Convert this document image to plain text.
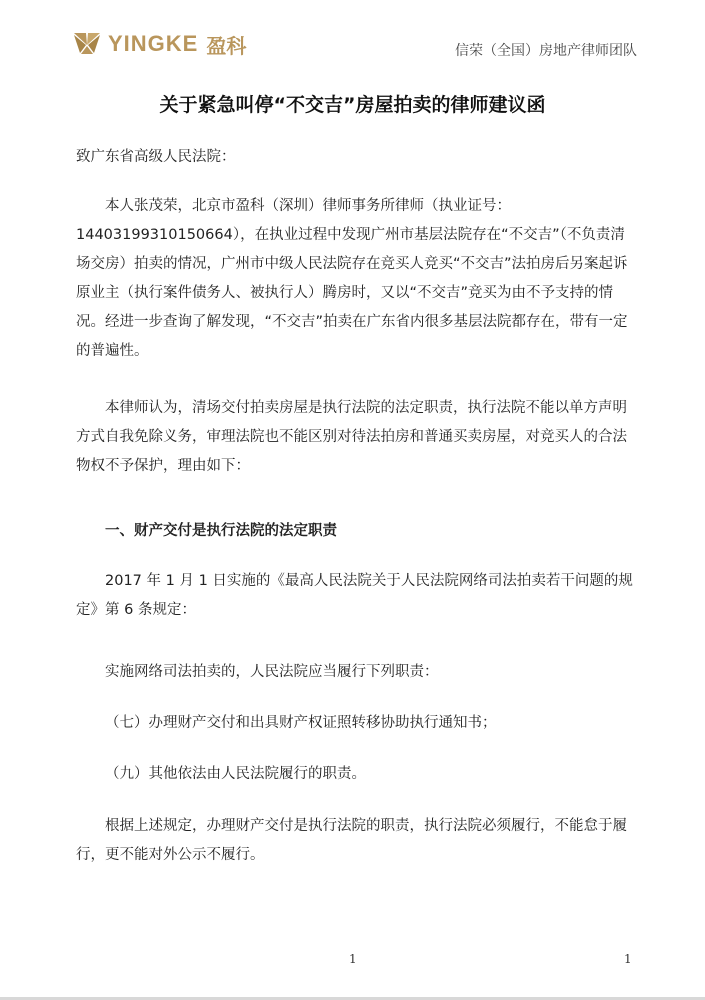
YINGKE 盈科	信荣（全国）房地产律师团队
关于紧急叫停“不交吉”房屋拍卖的律师建议函
致广东省高级人民法院：
本人张茂荣，北京市盈科（深圳）律师事务所律师（执业证号：14403199310150664），在执业过程中发现广州市基层法院存在“不交吉”（不负责清场交房）拍卖的情况，广州市中级人民法院存在竞买人竞买“不交吉”法拍房后另案起诉原业主（执行案件债务人、被执行人）腾房时，又以“不交吉”竞买为由不予支持的情况。经进一步查询了解发现，“不交吉”拍卖在广东省内很多基层法院都存在，带有一定的普遍性。
本律师认为，清场交付拍卖房屋是执行法院的法定职责，执行法院不能以单方声明方式自我免除义务，审理法院也不能区别对待法拍房和普通买卖房屋，对竞买人的合法物权不予保护，理由如下：
一、财产交付是执行法院的法定职责
2017 年 1 月 1 日实施的《最高人民法院关于人民法院网络司法拍卖若干问题的规定》第 6 条规定：
实施网络司法拍卖的，人民法院应当履行下列职责：
（七）办理财产交付和出具财产权证照转移协助执行通知书；
（九）其他依法由人民法院履行的职责。
根据上述规定，办理财产交付是执行法院的职责，执行法院必须履行，不能怠于履行，更不能对外公示不履行。
1	1
